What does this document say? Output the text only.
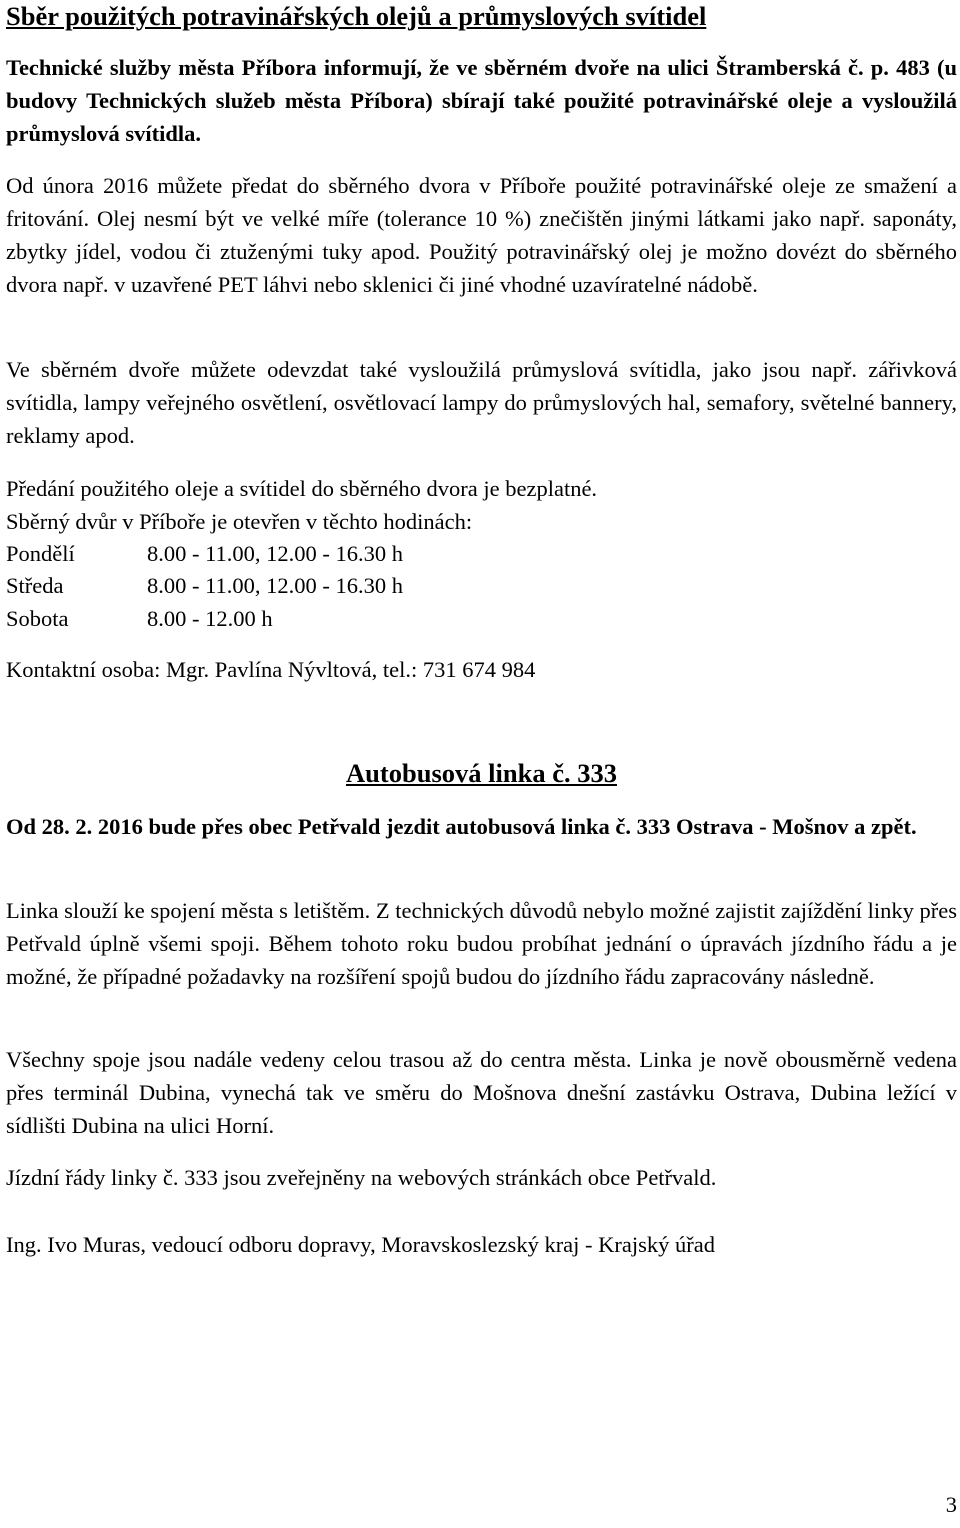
Sběr použitých potravinářských olejů a průmyslových svítidel

Technické služby města Příbora informují, že ve sběrném dvoře na ulici Štramberská č. p. 483 (u budovy Technických služeb města Příbora) sbírají také použité potravinářské oleje a vysloužilá průmyslová svítidla.

Od února 2016 můžete předat do sběrného dvora v Příboře použité potravinářské oleje ze smažení a fritování. Olej nesmí být ve velké míře (tolerance 10 %) znečištěn jinými látkami jako např. saponáty, zbytky jídel, vodou či ztuženými tuky apod. Použitý potravinářský olej je možno dovézt do sběrného dvora např. v uzavřené PET láhvi nebo sklenici či jiné vhodné uzavíratelné nádobě.

Ve sběrném dvoře můžete odevzdat také vysloužilá průmyslová svítidla, jako jsou např. zářivková svítidla, lampy veřejného osvětlení, osvětlovací lampy do průmyslových hal, semafory, světelné bannery, reklamy apod.

Předání použitého oleje a svítidel do sběrného dvora je bezplatné.

Sběrný dvůr v Příboře je otevřen v těchto hodinách:

Pondělí	8.00 - 11.00, 12.00 - 16.30 h
Středa	8.00 - 11.00, 12.00 - 16.30 h
Sobota	8.00 - 12.00 h

Kontaktní osoba: Mgr. Pavlína Nývltová, tel.: 731 674 984

Autobusová linka č. 333

Od 28. 2. 2016 bude přes obec Petřvald jezdit autobusová linka č. 333 Ostrava - Mošnov a zpět.

Linka slouží ke spojení města s letištěm. Z technických důvodů nebylo možné zajistit zajíždění linky přes Petřvald úplně všemi spoji. Během tohoto roku budou probíhat jednání o úpravách jízdního řádu a je možné, že případné požadavky na rozšíření spojů budou do jízdního řádu zapracovány následně.

Všechny spoje jsou nadále vedeny celou trasou až do centra města. Linka je nově obousměrně vedena přes terminál Dubina, vynechá tak ve směru do Mošnova dnešní zastávku Ostrava, Dubina ležící v sídlišti Dubina na ulici Horní.

Jízdní řády linky č. 333 jsou zveřejněny na webových stránkách obce Petřvald.

Ing. Ivo Muras, vedoucí odboru dopravy, Moravskoslezský kraj - Krajský úřad

3
